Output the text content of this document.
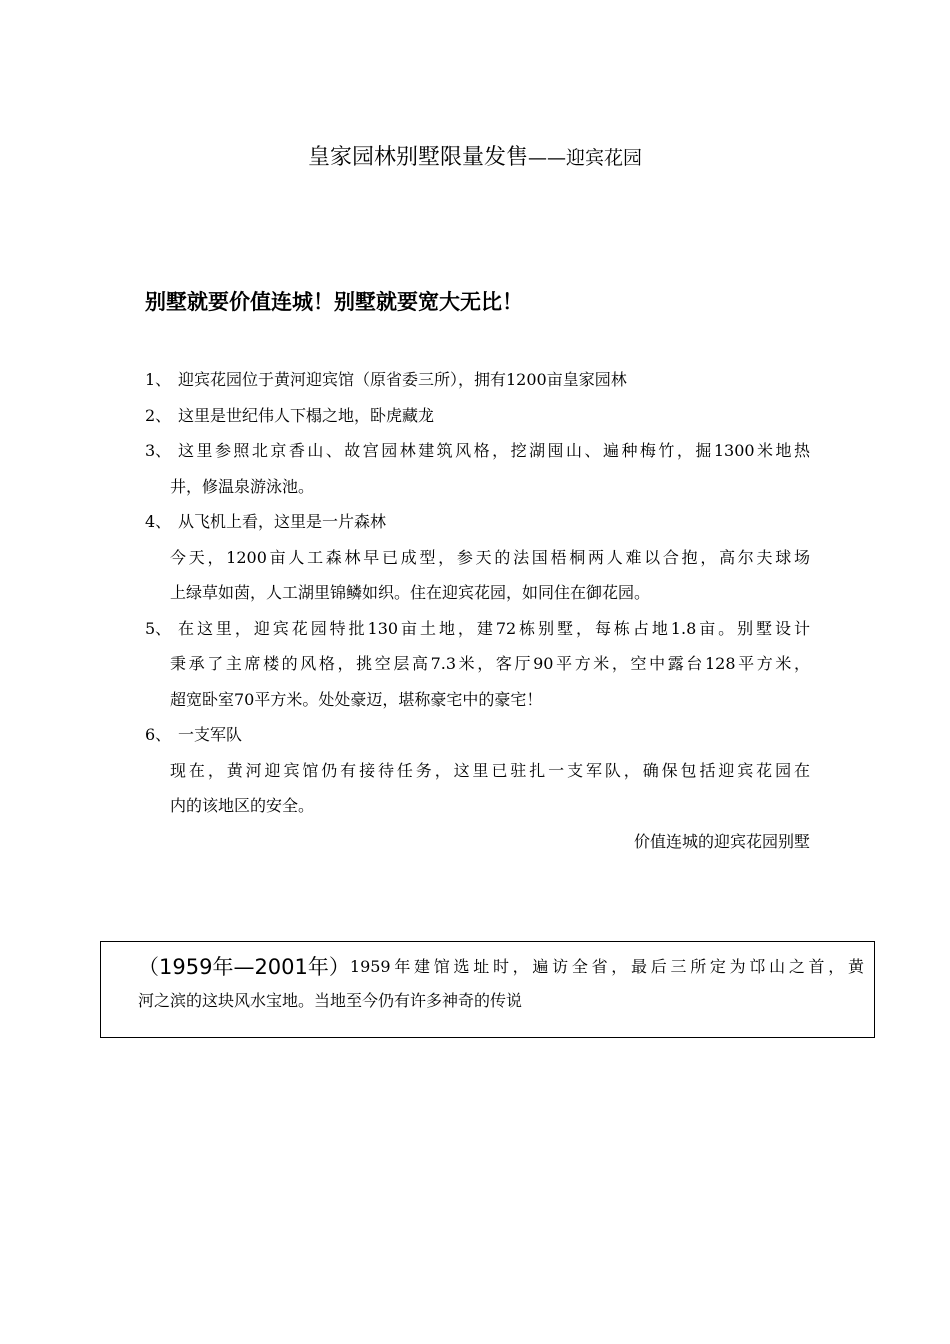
皇家园林别墅限量发售——迎宾花园
别墅就要价值连城！别墅就要宽大无比！
1、 迎宾花园位于黄河迎宾馆（原省委三所），拥有1200亩皇家园林
2、 这里是世纪伟人下榻之地，卧虎藏龙
3、 这里参照北京香山、故宫园林建筑风格，挖湖囤山、遍种梅竹，掘1300米地热
井，修温泉游泳池。
4、 从飞机上看，这里是一片森林
今天，1200亩人工森林早已成型，参天的法国梧桐两人难以合抱，高尔夫球场
上绿草如茵，人工湖里锦鳞如织。住在迎宾花园，如同住在御花园。
5、 在这里，迎宾花园特批130亩土地，建72栋别墅，每栋占地1.8亩。别墅设计
秉承了主席楼的风格，挑空层高7.3米，客厅90平方米，空中露台128平方米，
超宽卧室70平方米。处处豪迈，堪称豪宅中的豪宅！
6、 一支军队
现在，黄河迎宾馆仍有接待任务，这里已驻扎一支军队，确保包括迎宾花园在
内的该地区的安全。
价值连城的迎宾花园别墅
（1959年—2001年） 1959年建馆选址时，遍访全省，最后三所定为邙山之首，黄
河之滨的这块风水宝地。当地至今仍有许多神奇的传说
